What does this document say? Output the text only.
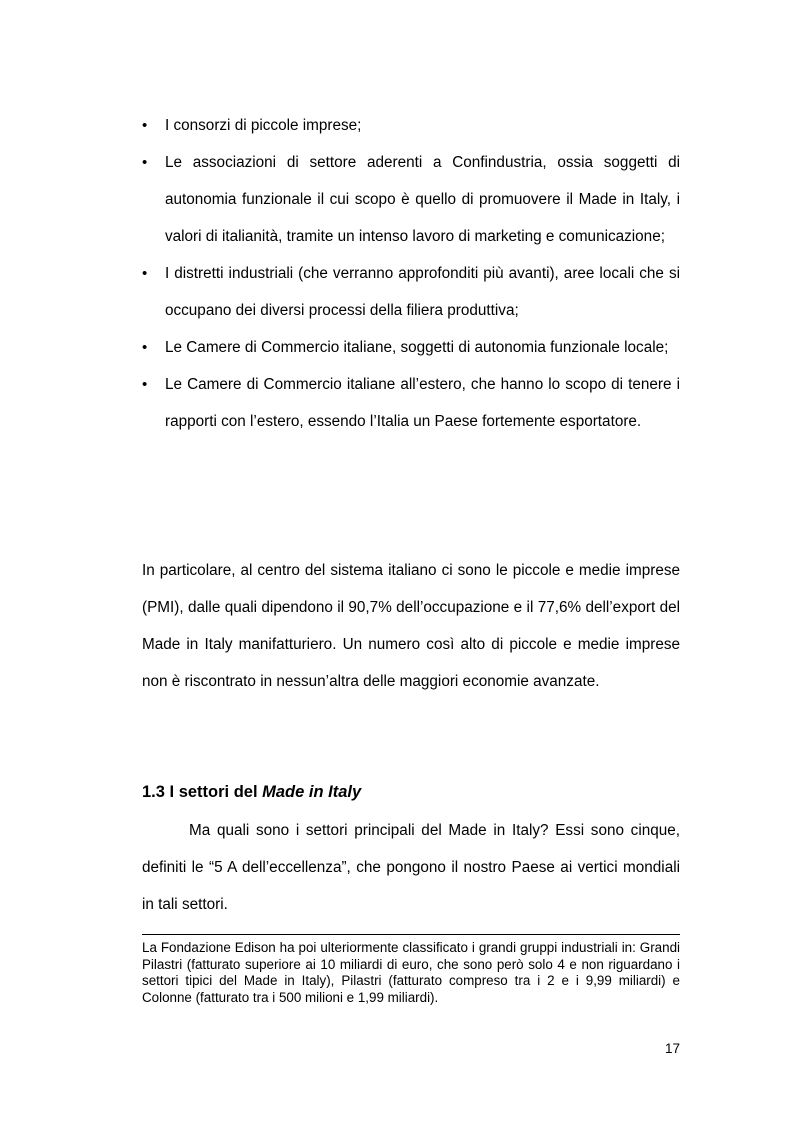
• I consorzi di piccole imprese;
• Le associazioni di settore aderenti a Confindustria, ossia soggetti di autonomia funzionale il cui scopo è quello di promuovere il Made in Italy, i valori di italianità, tramite un intenso lavoro di marketing e comunicazione;
• I distretti industriali (che verranno approfonditi più avanti), aree locali che si occupano dei diversi processi della filiera produttiva;
• Le Camere di Commercio italiane, soggetti di autonomia funzionale locale;
• Le Camere di Commercio italiane all’estero, che hanno lo scopo di tenere i rapporti con l’estero, essendo l’Italia un Paese fortemente esportatore.

In particolare, al centro del sistema italiano ci sono le piccole e medie imprese (PMI), dalle quali dipendono il 90,7% dell’occupazione e il 77,6% dell’export del Made in Italy manifatturiero. Un numero così alto di piccole e medie imprese non è riscontrato in nessun’altra delle maggiori economie avanzate.

1.3 I settori del Made in Italy

Ma quali sono i settori principali del Made in Italy? Essi sono cinque, definiti le “5 A dell’eccellenza”, che pongono il nostro Paese ai vertici mondiali in tali settori.

La Fondazione Edison ha poi ulteriormente classificato i grandi gruppi industriali in: Grandi Pilastri (fatturato superiore ai 10 miliardi di euro, che sono però solo 4 e non riguardano i settori tipici del Made in Italy), Pilastri (fatturato compreso tra i 2 e i 9,99 miliardi) e Colonne (fatturato tra i 500 milioni e 1,99 miliardi).

17
